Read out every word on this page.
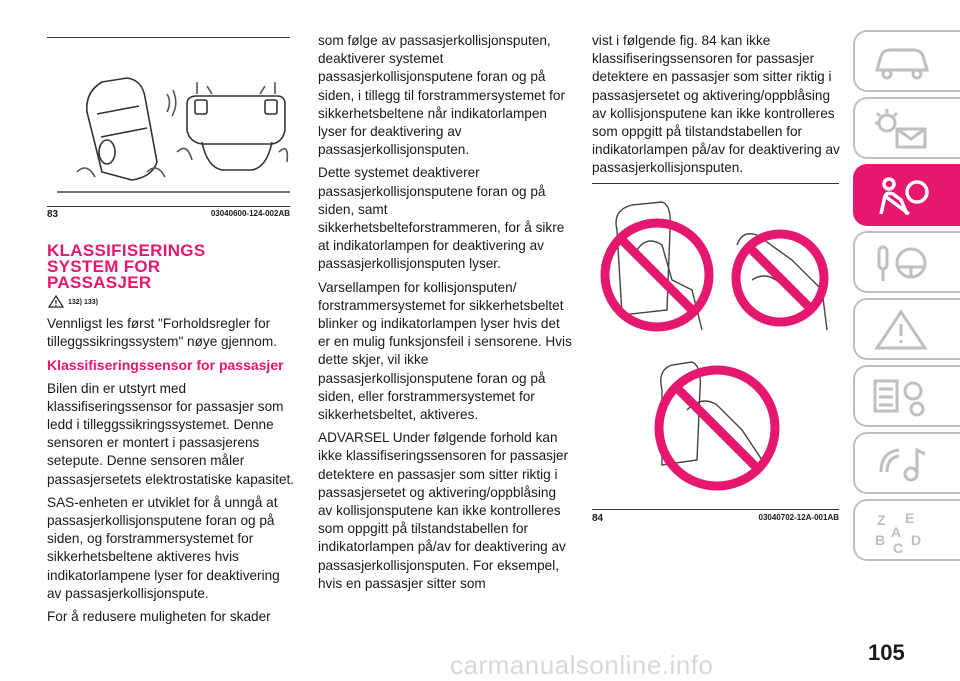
83	03040600-124-002AB
KLASSIFISERINGS
SYSTEM FOR
PASSASJER
! 132) 133)

Vennligst les først "Forholdsregler for tilleggssikringssystem" nøye gjennom.

Klassifiseringssensor for passasjer

Bilen din er utstyrt med klassifiseringssensor for passasjer som ledd i tilleggssikringssystemet. Denne sensoren er montert i passasjerens setepute. Denne sensoren måler passasjersetets elektrostatiske kapasitet.

SAS-enheten er utviklet for å unngå at passasjerkollisjonsputene foran og på siden, og forstrammersystemet for sikkerhetsbeltene aktiveres hvis indikatorlampene lyser for deaktivering av passasjerkollisjonspute.

For å redusere muligheten for skader

som følge av passasjerkollisjonsputen, deaktiverer systemet passasjerkollisjonsputene foran og på siden, i tillegg til forstrammersystemet for sikkerhetsbeltene når indikatorlampen lyser for deaktivering av passasjerkollisjonsputen.

Dette systemet deaktiverer passasjerkollisjonsputene foran og på siden, samt sikkerhetsbelteforstrammeren, for å sikre at indikatorlampen for deaktivering av passasjerkollisjonsputen lyser.

Varsellampen for kollisjonsputen/ forstrammersystemet for sikkerhetsbeltet blinker og indikatorlampen lyser hvis det er en mulig funksjonsfeil i sensorene. Hvis dette skjer, vil ikke passasjerkollisjonsputene foran og på siden, eller forstrammersystemet for sikkerhetsbeltet, aktiveres.

ADVARSEL Under følgende forhold kan ikke klassifiseringssensoren for passasjer detektere en passasjer som sitter riktig i passasjersetet og aktivering/oppblåsing av kollisjonsputene kan ikke kontrolleres som oppgitt på tilstandstabellen for indikatorlampen på/av for deaktivering av passasjerkollisjonsputen. For eksempel, hvis en passasjer sitter som

vist i følgende fig. 84 kan ikke klassifiseringssensoren for passasjer detektere en passasjer som sitter riktig i passasjersetet og aktivering/oppblåsing av kollisjonsputene kan ikke kontrolleres som oppgitt på tilstandstabellen for indikatorlampen på/av for deaktivering av passasjerkollisjonsputen.

84	03040702-12A-001AB	Z E
A
B D
C
105
carmanualsonline.info
